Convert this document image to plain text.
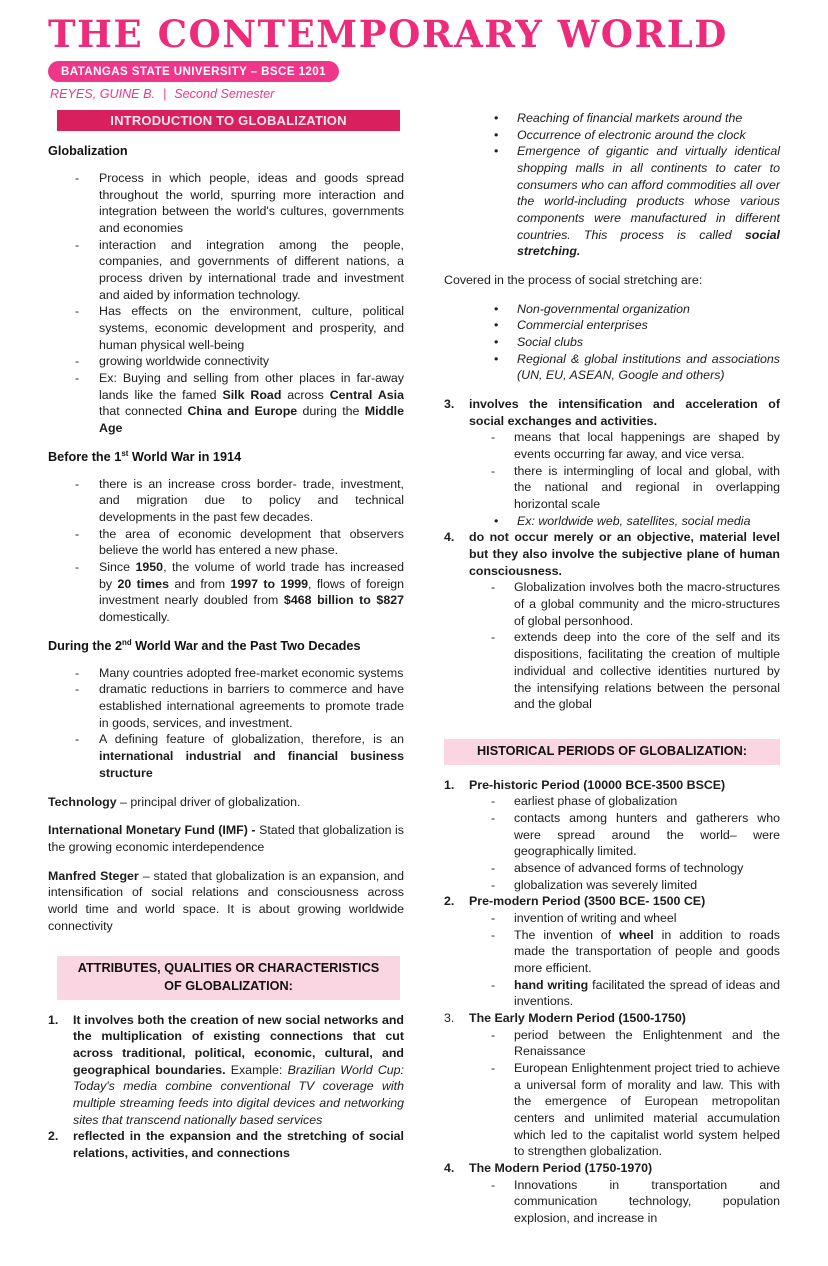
THE CONTEMPORARY WORLD
BATANGAS STATE UNIVERSITY – BSCE 1201
REYES, GUINE B. | Second Semester
INTRODUCTION TO GLOBALIZATION
Globalization
- Process in which people, ideas and goods spread throughout the world, spurring more interaction and integration between the world's cultures, governments and economies
- interaction and integration among the people, companies, and governments of different nations, a process driven by international trade and investment and aided by information technology.
- Has effects on the environment, culture, political systems, economic development and prosperity, and human physical well-being
- growing worldwide connectivity
- Ex: Buying and selling from other places in far-away lands like the famed Silk Road across Central Asia that connected China and Europe during the Middle Age
Before the 1st World War in 1914
- there is an increase cross border- trade, investment, and migration due to policy and technical developments in the past few decades.
- the area of economic development that observers believe the world has entered a new phase.
- Since 1950, the volume of world trade has increased by 20 times and from 1997 to 1999, flows of foreign investment nearly doubled from $468 billion to $827 domestically.
During the 2nd World War and the Past Two Decades
- Many countries adopted free-market economic systems
- dramatic reductions in barriers to commerce and have established international agreements to promote trade in goods, services, and investment.
- A defining feature of globalization, therefore, is an international industrial and financial business structure

Technology – principal driver of globalization.

International Monetary Fund (IMF) - Stated that globalization is the growing economic interdependence

Manfred Steger – stated that globalization is an expansion, and intensification of social relations and consciousness across world time and world space. It is about growing worldwide connectivity

ATTRIBUTES, QUALITIES OR CHARACTERISTICS OF GLOBALIZATION:
1. It involves both the creation of new social networks and the multiplication of existing connections that cut across traditional, political, economic, cultural, and geographical boundaries. Example: Brazilian World Cup: Today's media combine conventional TV coverage with multiple streaming feeds into digital devices and networking sites that transcend nationally based services
2. reflected in the expansion and the stretching of social relations, activities, and connections
• Reaching of financial markets around the
• Occurrence of electronic around the clock
• Emergence of gigantic and virtually identical shopping malls in all continents to cater to consumers who can afford commodities all over the world-including products whose various components were manufactured in different countries. This process is called social stretching.

Covered in the process of social stretching are:

• Non-governmental organization
• Commercial enterprises
• Social clubs
• Regional & global institutions and associations (UN, EU, ASEAN, Google and others)
3. involves the intensification and acceleration of social exchanges and activities.
- means that local happenings are shaped by events occurring far away, and vice versa.
- there is intermingling of local and global, with the national and regional in overlapping horizontal scale
• Ex: worldwide web, satellites, social media
4. do not occur merely or an objective, material level but they also involve the subjective plane of human consciousness.
- Globalization involves both the macro-structures of a global community and the micro-structures of global personhood.
- extends deep into the core of the self and its dispositions, facilitating the creation of multiple individual and collective identities nurtured by the intensifying relations between the personal and the global
HISTORICAL PERIODS OF GLOBALIZATION:
1. Pre-historic Period (10000 BCE-3500 BSCE)
- earliest phase of globalization
- contacts among hunters and gatherers who were spread around the world– were geographically limited.
- absence of advanced forms of technology
- globalization was severely limited
2. Pre-modern Period (3500 BCE- 1500 CE)
- invention of writing and wheel
- The invention of wheel in addition to roads made the transportation of people and goods more efficient.
- hand writing facilitated the spread of ideas and inventions.
3. The Early Modern Period (1500-1750)
- period between the Enlightenment and the Renaissance
- European Enlightenment project tried to achieve a universal form of morality and law. This with the emergence of European metropolitan centers and unlimited material accumulation which led to the capitalist world system helped to strengthen globalization.
4. The Modern Period (1750-1970)
- Innovations in transportation and communication technology, population explosion, and increase in
